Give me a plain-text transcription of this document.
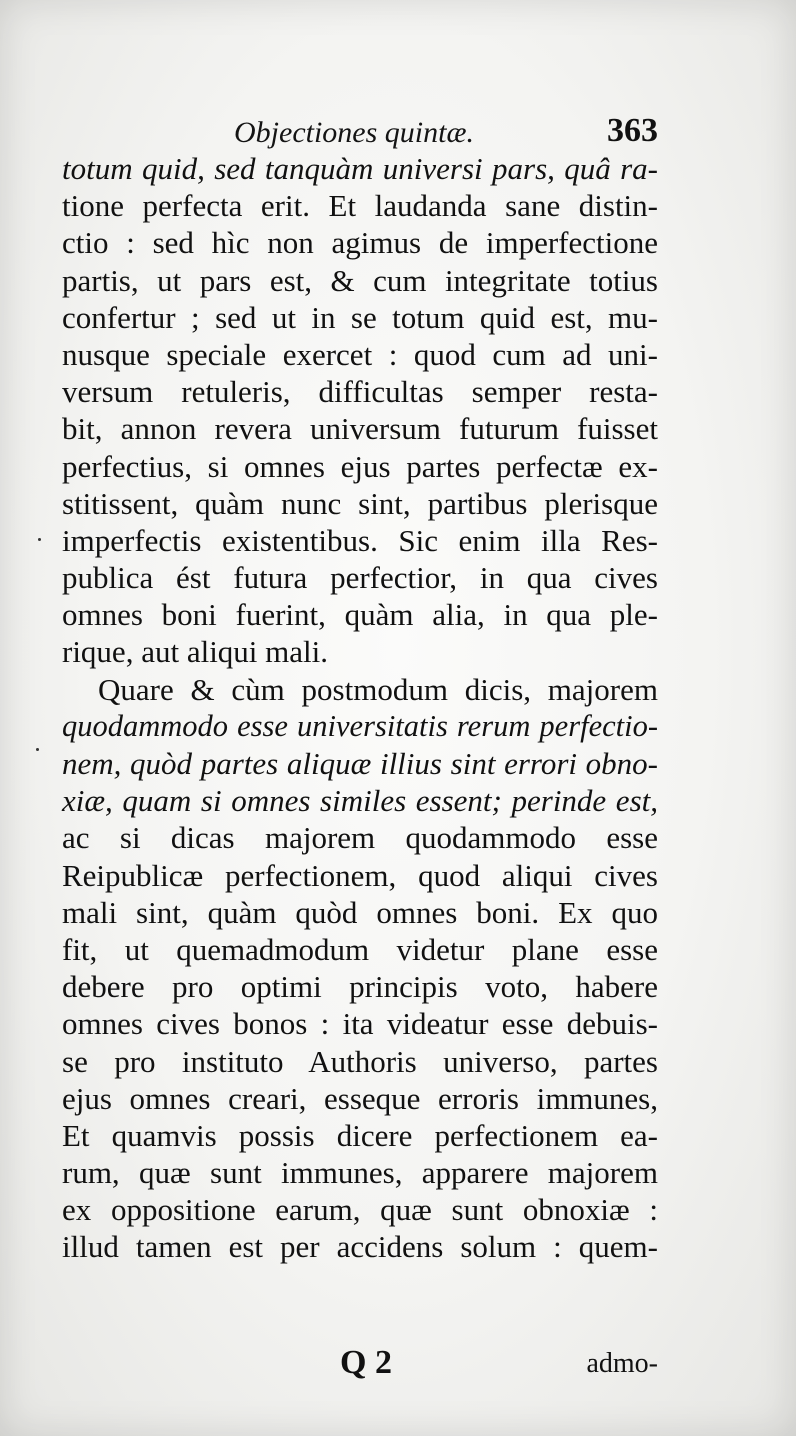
Objectiones quintæ.	363
totum quid, sed tanquàm universi pars, quâ ra-
tione perfecta erit. Et laudanda sane distin-
ctio : sed hìc non agimus de imperfectione
partis, ut pars est, & cum integritate totius
confertur ; sed ut in se totum quid est, mu-
nusque speciale exercet : quod cum ad uni-
versum retuleris, difficultas semper resta-
bit, annon revera universum futurum fuisset
perfectius, si omnes ejus partes perfectæ ex-
stitissent, quàm nunc sint, partibus plerisque
imperfectis existentibus. Sic enim illa Res-
publica ést futura perfectior, in qua cives
omnes boni fuerint, quàm alia, in qua ple-
rique, aut aliqui mali.
Quare & cùm postmodum dicis, majorem
quodammodo esse universitatis rerum perfectio-
nem, quòd partes aliquæ illius sint errori obno-
xiæ, quam si omnes similes essent; perinde est,
ac si dicas majorem quodammodo esse
Reipublicæ perfectionem, quod aliqui cives
mali sint, quàm quòd omnes boni. Ex quo
fit, ut quemadmodum videtur plane esse
debere pro optimi principis voto, habere
omnes cives bonos : ita videatur esse debuis-
se pro instituto Authoris universo, partes
ejus omnes creari, esseque erroris immunes,
Et quamvis possis dicere perfectionem ea-
rum, quæ sunt immunes, apparere majorem
ex oppositione earum, quæ sunt obnoxiæ :
illud tamen est per accidens solum : quem-
Q 2	admo-
